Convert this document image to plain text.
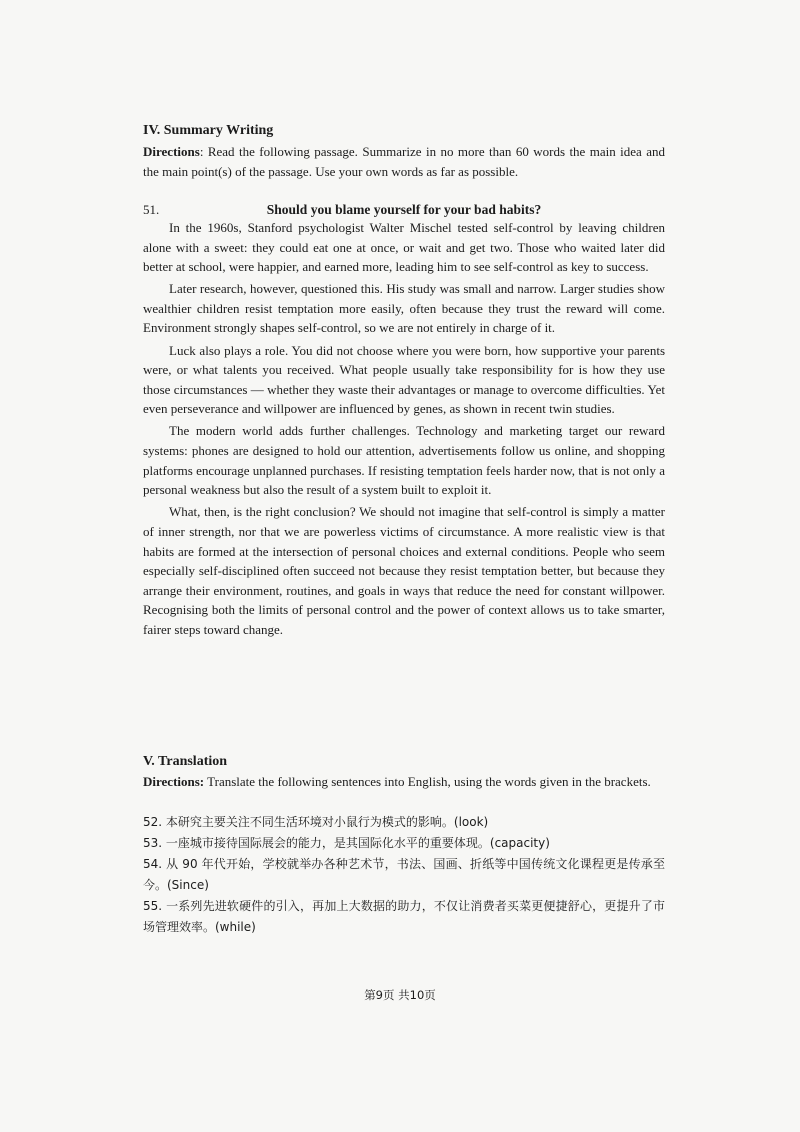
IV. Summary Writing
Directions: Read the following passage. Summarize in no more than 60 words the main idea and the main point(s) of the passage. Use your own words as far as possible.
51.	Should you blame yourself for your bad habits?

In the 1960s, Stanford psychologist Walter Mischel tested self-control by leaving children alone with a sweet: they could eat one at once, or wait and get two. Those who waited later did better at school, were happier, and earned more, leading him to see self-control as key to success.

Later research, however, questioned this. His study was small and narrow. Larger studies show wealthier children resist temptation more easily, often because they trust the reward will come. Environment strongly shapes self-control, so we are not entirely in charge of it.

Luck also plays a role. You did not choose where you were born, how supportive your parents were, or what talents you received. What people usually take responsibility for is how they use those circumstances — whether they waste their advantages or manage to overcome difficulties. Yet even perseverance and willpower are influenced by genes, as shown in recent twin studies.

The modern world adds further challenges. Technology and marketing target our reward systems: phones are designed to hold our attention, advertisements follow us online, and shopping platforms encourage unplanned purchases. If resisting temptation feels harder now, that is not only a personal weakness but also the result of a system built to exploit it.

What, then, is the right conclusion? We should not imagine that self-control is simply a matter of inner strength, nor that we are powerless victims of circumstance. A more realistic view is that habits are formed at the intersection of personal choices and external conditions. People who seem especially self-disciplined often succeed not because they resist temptation better, but because they arrange their environment, routines, and goals in ways that reduce the need for constant willpower. Recognising both the limits of personal control and the power of context allows us to take smarter, fairer steps toward change.

V. Translation
Directions: Translate the following sentences into English, using the words given in the brackets.
52. 本研究主要关注不同生活环境对小鼠行为模式的影响。(look)
53. 一座城市接待国际展会的能力，是其国际化水平的重要体现。(capacity)
54. 从 90 年代开始，学校就举办各种艺术节，书法、国画、折纸等中国传统文化课程更是传承至今。(Since)
55. 一系列先进软硬件的引入，再加上大数据的助力，不仅让消费者买菜更便捷舒心，更提升了市场管理效率。(while)
第9页 共10页
